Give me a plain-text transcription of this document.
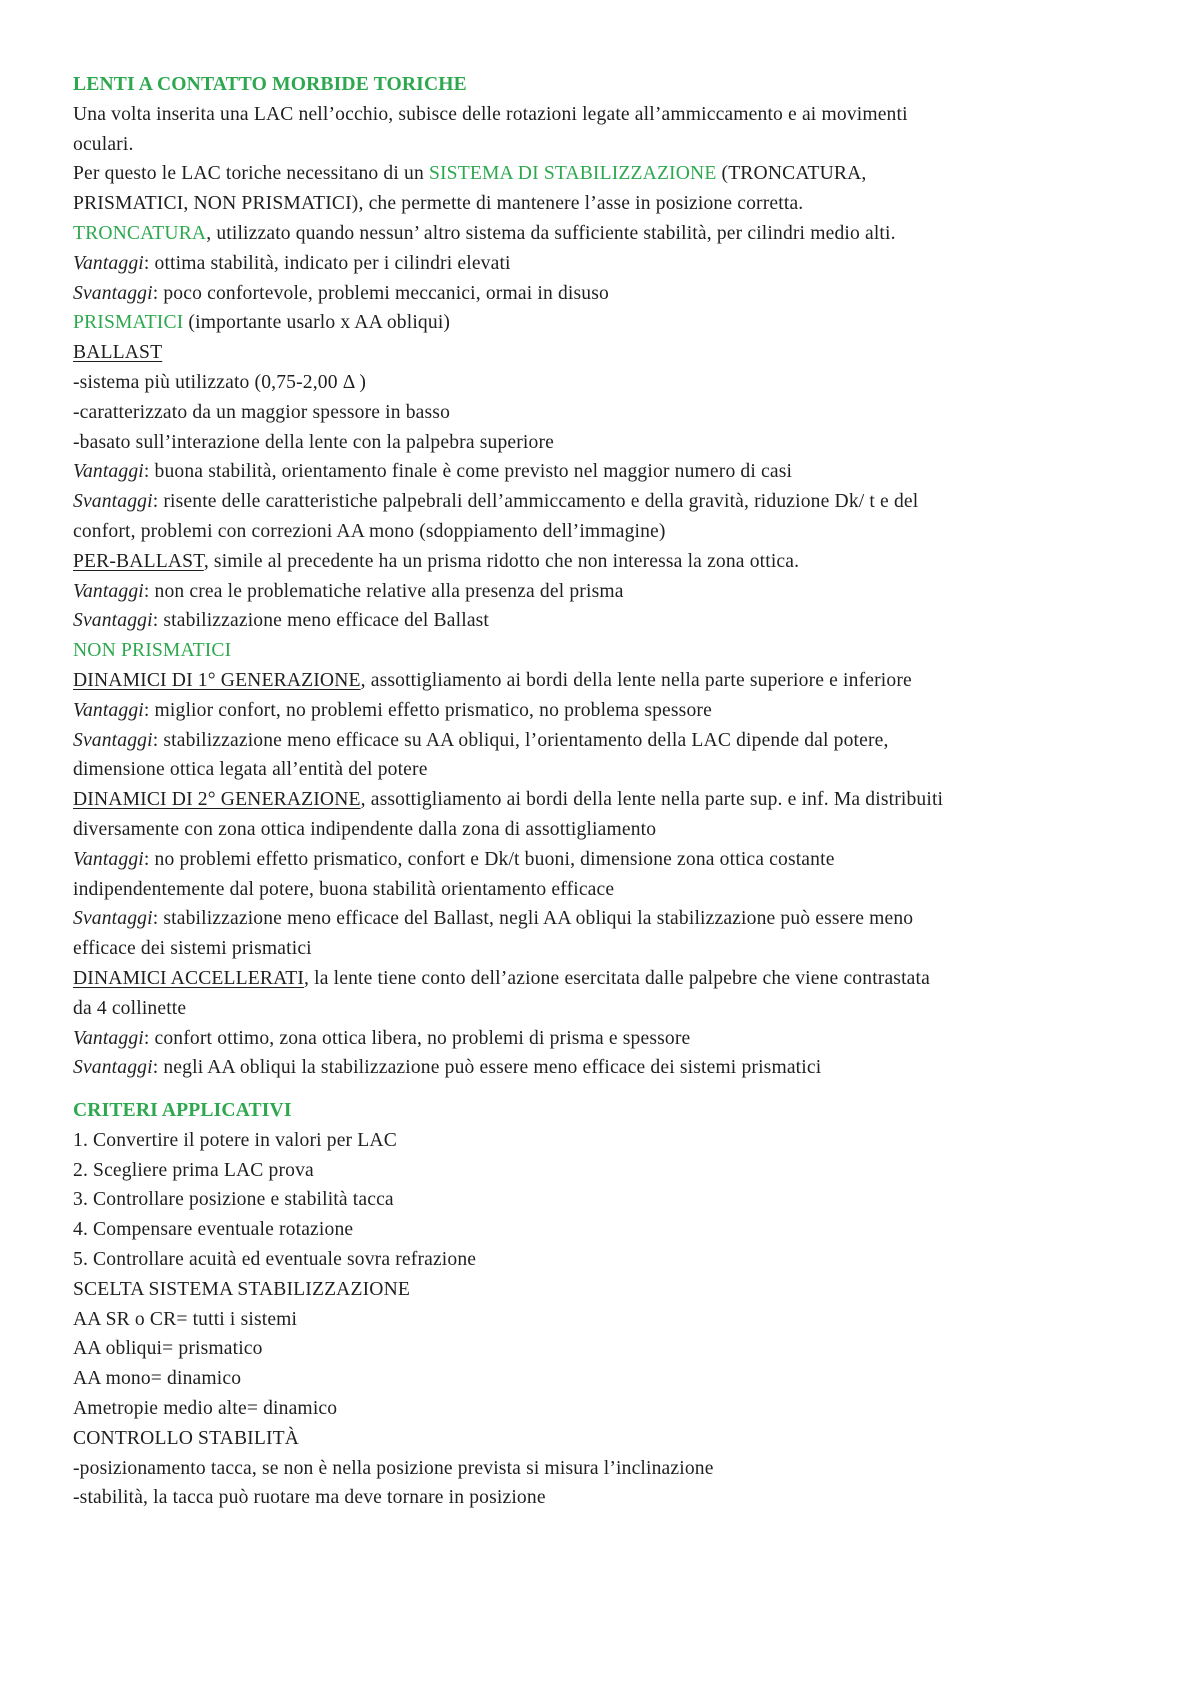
LENTI A CONTATTO MORBIDE TORICHE
Una volta inserita una LAC nell’occhio, subisce delle rotazioni legate all’ammiccamento e ai movimenti
oculari.
Per questo le LAC toriche necessitano di un SISTEMA DI STABILIZZAZIONE (TRONCATURA,
PRISMATICI, NON PRISMATICI), che permette di mantenere l’asse in posizione corretta.
TRONCATURA, utilizzato quando nessun’ altro sistema da sufficiente stabilità, per cilindri medio alti.
Vantaggi: ottima stabilità, indicato per i cilindri elevati
Svantaggi: poco confortevole, problemi meccanici, ormai in disuso
PRISMATICI (importante usarlo x AA obliqui)
BALLAST
-sistema più utilizzato (0,75-2,00 Δ )
-caratterizzato da un maggior spessore in basso
-basato sull’interazione della lente con la palpebra superiore
Vantaggi: buona stabilità, orientamento finale è come previsto nel maggior numero di casi
Svantaggi: risente delle caratteristiche palpebrali dell’ammiccamento e della gravità, riduzione Dk/ t e del
confort, problemi con correzioni AA mono (sdoppiamento dell’immagine)
PER-BALLAST, simile al precedente ha un prisma ridotto che non interessa la zona ottica.
Vantaggi: non crea le problematiche relative alla presenza del prisma
Svantaggi: stabilizzazione meno efficace del Ballast
NON PRISMATICI
DINAMICI DI 1° GENERAZIONE, assottigliamento ai bordi della lente nella parte superiore e inferiore
Vantaggi: miglior confort, no problemi effetto prismatico, no problema spessore
Svantaggi: stabilizzazione meno efficace su AA obliqui, l’orientamento della LAC dipende dal potere,
dimensione ottica legata all’entità del potere
DINAMICI DI 2° GENERAZIONE, assottigliamento ai bordi della lente nella parte sup. e inf. Ma distribuiti
diversamente con zona ottica indipendente dalla zona di assottigliamento
Vantaggi: no problemi effetto prismatico, confort e Dk/t buoni, dimensione zona ottica costante
indipendentemente dal potere, buona stabilità orientamento efficace
Svantaggi: stabilizzazione meno efficace del Ballast, negli AA obliqui la stabilizzazione può essere meno
efficace dei sistemi prismatici
DINAMICI ACCELLERATI, la lente tiene conto dell’azione esercitata dalle palpebre che viene contrastata
da 4 collinette
Vantaggi: confort ottimo, zona ottica libera, no problemi di prisma e spessore
Svantaggi: negli AA obliqui la stabilizzazione può essere meno efficace dei sistemi prismatici
CRITERI APPLICATIVI
1. Convertire il potere in valori per LAC
2. Scegliere prima LAC prova
3. Controllare posizione e stabilità tacca
4. Compensare eventuale rotazione
5. Controllare acuità ed eventuale sovra refrazione
SCELTA SISTEMA STABILIZZAZIONE
AA SR o CR= tutti i sistemi
AA obliqui= prismatico
AA mono= dinamico
Ametropie medio alte= dinamico
CONTROLLO STABILITÀ
-posizionamento tacca, se non è nella posizione prevista si misura l’inclinazione
-stabilità, la tacca può ruotare ma deve tornare in posizione
